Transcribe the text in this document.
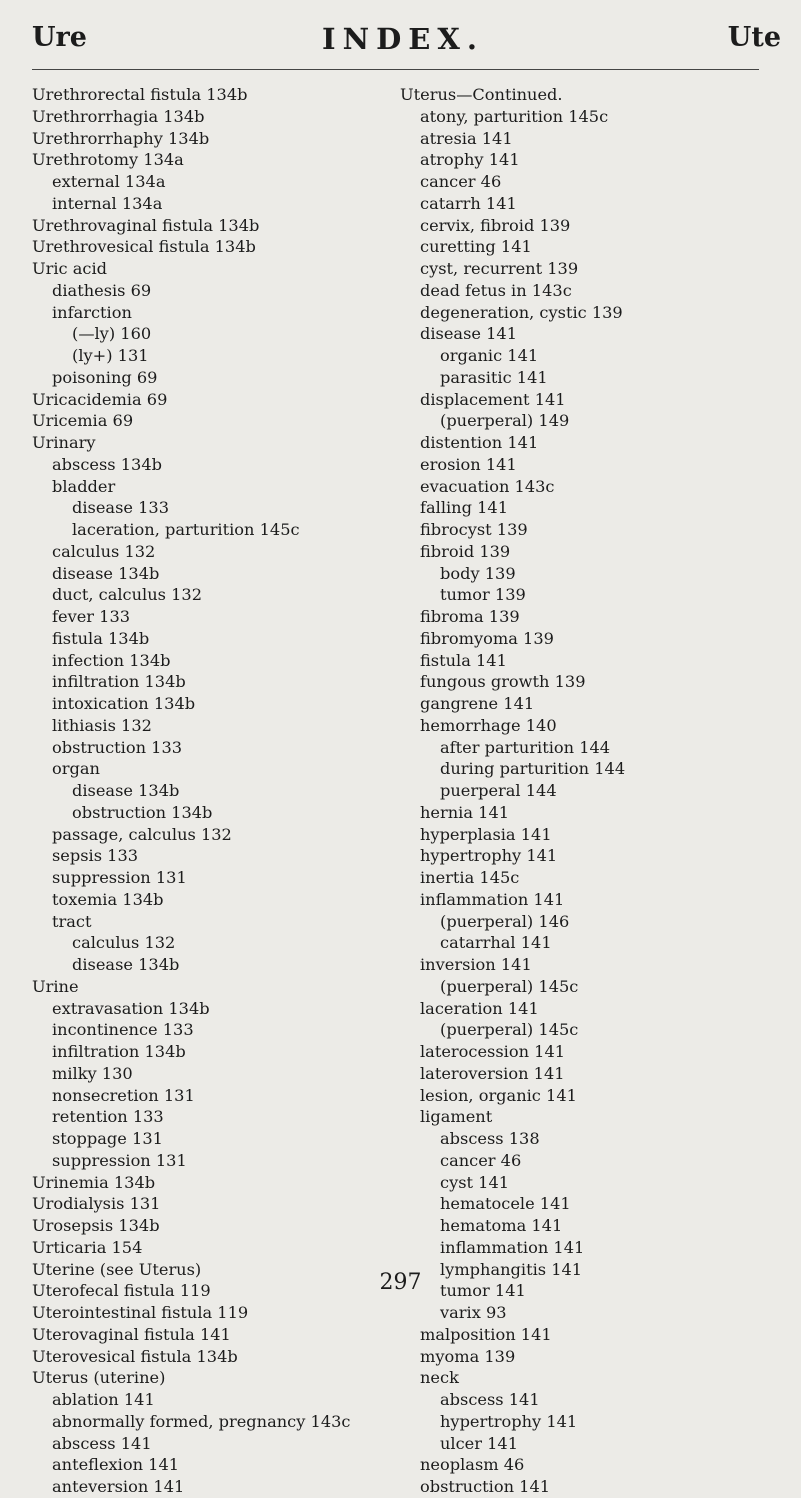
Ure	INDEX.	Ute
Urethrorectal fistula 134b
Urethrorrhagia 134b
Urethrorrhaphy 134b
Urethrotomy 134a
external 134a
internal 134a
Urethrovaginal fistula 134b
Urethrovesical fistula 134b
Uric acid
diathesis 69
infarction
(—ly) 160
(ly+) 131
poisoning 69
Uricacidemia 69
Uricemia 69
Urinary
abscess 134b
bladder
disease 133
laceration, parturition 145c
calculus 132
disease 134b
duct, calculus 132
fever 133
fistula 134b
infection 134b
infiltration 134b
intoxication 134b
lithiasis 132
obstruction 133
organ
disease 134b
obstruction 134b
passage, calculus 132
sepsis 133
suppression 131
toxemia 134b
tract
calculus 132
disease 134b
Urine
extravasation 134b
incontinence 133
infiltration 134b
milky 130
nonsecretion 131
retention 133
stoppage 131
suppression 131
Urinemia 134b
Urodialysis 131
Urosepsis 134b
Urticaria 154
Uterine (see Uterus)
Uterofecal fistula 119
Uterointestinal fistula 119
Uterovaginal fistula 141
Uterovesical fistula 134b
Uterus (uterine)
ablation 141
abnormally formed, pregnancy 143c
abscess 141
anteflexion 141
anteversion 141
Uterus—Continued.
atony, parturition 145c
atresia 141
atrophy 141
cancer 46
catarrh 141
cervix, fibroid 139
curetting 141
cyst, recurrent 139
dead fetus in 143c
degeneration, cystic 139
disease 141
organic 141
parasitic 141
displacement 141
(puerperal) 149
distention 141
erosion 141
evacuation 143c
falling 141
fibrocyst 139
fibroid 139
body 139
tumor 139
fibroma 139
fibromyoma 139
fistula 141
fungous growth 139
gangrene 141
hemorrhage 140
after parturition 144
during parturition 144
puerperal 144
hernia 141
hyperplasia 141
hypertrophy 141
inertia 145c
inflammation 141
(puerperal) 146
catarrhal 141
inversion 141
(puerperal) 145c
laceration 141
(puerperal) 145c
laterocession 141
lateroversion 141
lesion, organic 141
ligament
abscess 138
cancer 46
cyst 141
hematocele 141
hematoma 141
inflammation 141
lymphangitis 141
tumor 141
varix 93
malposition 141
myoma 139
neck
abscess 141
hypertrophy 141
ulcer 141
neoplasm 46
obstruction 141
297
